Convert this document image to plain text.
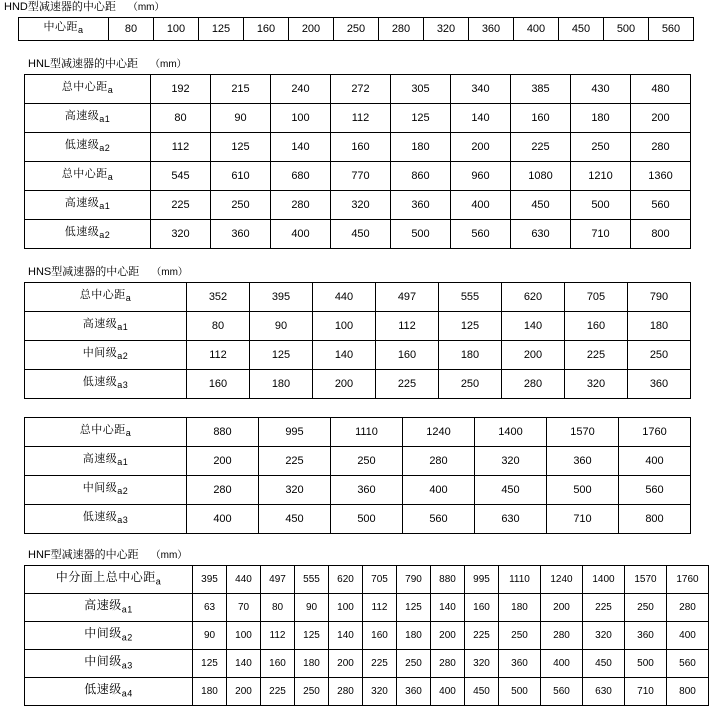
HND型减速器的中心距 （mm）
中心距$_a$	80	100	125	160	200	250	280	320	360	400	450	500	560
HNL型减速器的中心距 （mm）
总中心距$_a$	192	215	240	272	305	340	385	430	480
高速级$_{a1}$	80	90	100	112	125	140	160	180	200
低速级$_{a2}$	112	125	140	160	180	200	225	250	280
总中心距$_a$	545	610	680	770	860	960	1080	1210	1360
高速级$_{a1}$	225	250	280	320	360	400	450	500	560
低速级$_{a2}$	320	360	400	450	500	560	630	710	800
HNS型减速器的中心距 （mm）
总中心距$_a$	352	395	440	497	555	620	705	790
高速级$_{a1}$	80	90	100	112	125	140	160	180
中间级$_{a2}$	112	125	140	160	180	200	225	250
低速级$_{a3}$	160	180	200	225	250	280	320	360
总中心距$_a$	880	995	1110	1240	1400	1570	1760
高速级$_{a1}$	200	225	250	280	320	360	400
中间级$_{a2}$	280	320	360	400	450	500	560
低速级$_{a3}$	400	450	500	560	630	710	800
HNF型减速器的中心距 （mm）
中分面上总中心距$_a$	395	440	497	555	620	705	790	880	995	1110	1240	1400	1570	1760
高速级$_{a1}$	63	70	80	90	100	112	125	140	160	180	200	225	250	280
中间级$_{a2}$	90	100	112	125	140	160	180	200	225	250	280	320	360	400
中间级$_{a3}$	125	140	160	180	200	225	250	280	320	360	400	450	500	560
低速级$_{a4}$	180	200	225	250	280	320	360	400	450	500	560	630	710	800
